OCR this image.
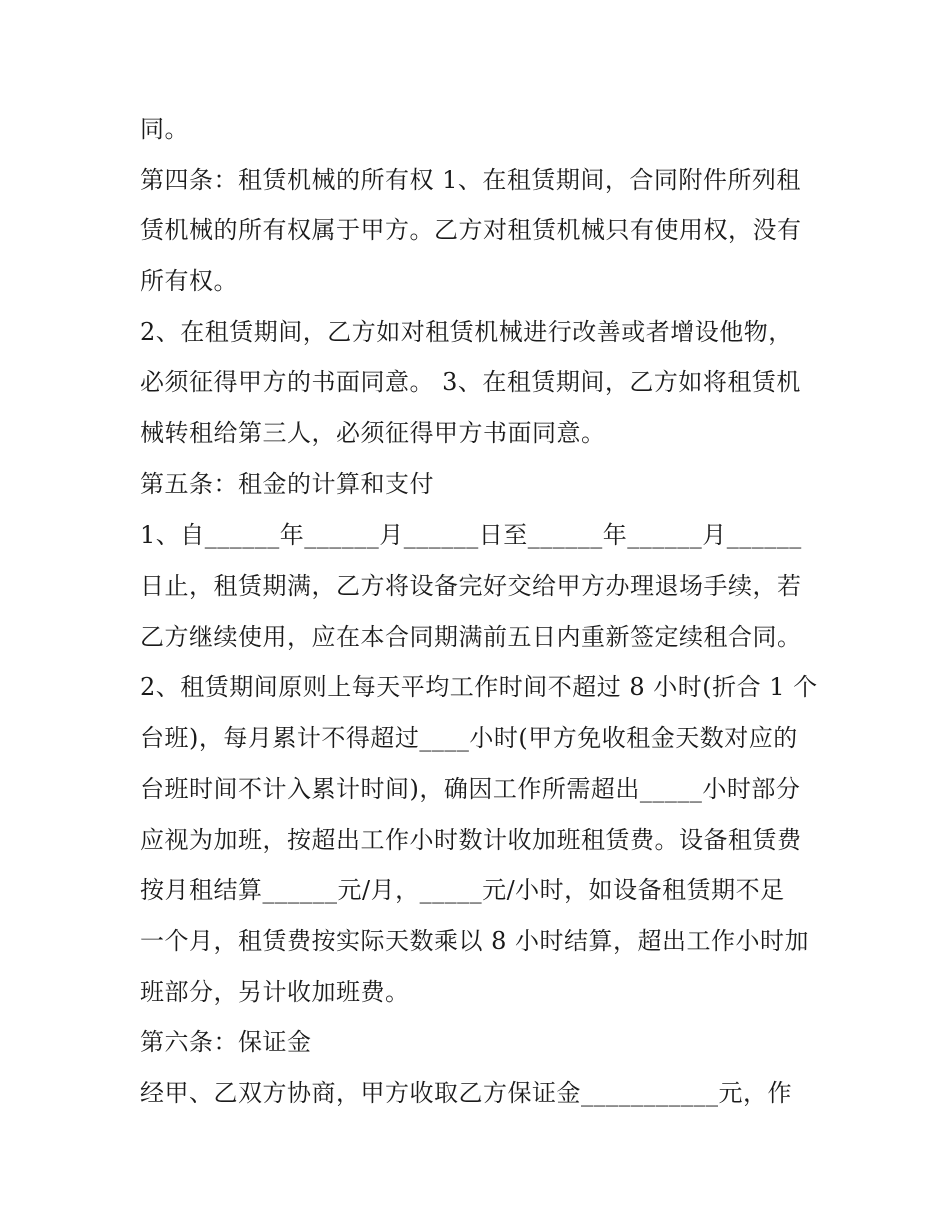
同。
第四条：租赁机械的所有权 1、在租赁期间，合同附件所列租
赁机械的所有权属于甲方。乙方对租赁机械只有使用权，没有
所有权。
2、在租赁期间，乙方如对租赁机械进行改善或者增设他物，
必须征得甲方的书面同意。 3、在租赁期间，乙方如将租赁机
械转租给第三人，必须征得甲方书面同意。
第五条：租金的计算和支付
1、自______年______月______日至______年______月______
日止，租赁期满，乙方将设备完好交给甲方办理退场手续，若
乙方继续使用，应在本合同期满前五日内重新签定续租合同。
2、租赁期间原则上每天平均工作时间不超过 8 小时(折合 1 个
台班)，每月累计不得超过____小时(甲方免收租金天数对应的
台班时间不计入累计时间)，确因工作所需超出_____小时部分
应视为加班，按超出工作小时数计收加班租赁费。设备租赁费
按月租结算______元/月，_____元/小时，如设备租赁期不足
一个月，租赁费按实际天数乘以 8 小时结算，超出工作小时加
班部分，另计收加班费。
第六条：保证金
经甲、乙双方协商，甲方收取乙方保证金___________元，作
